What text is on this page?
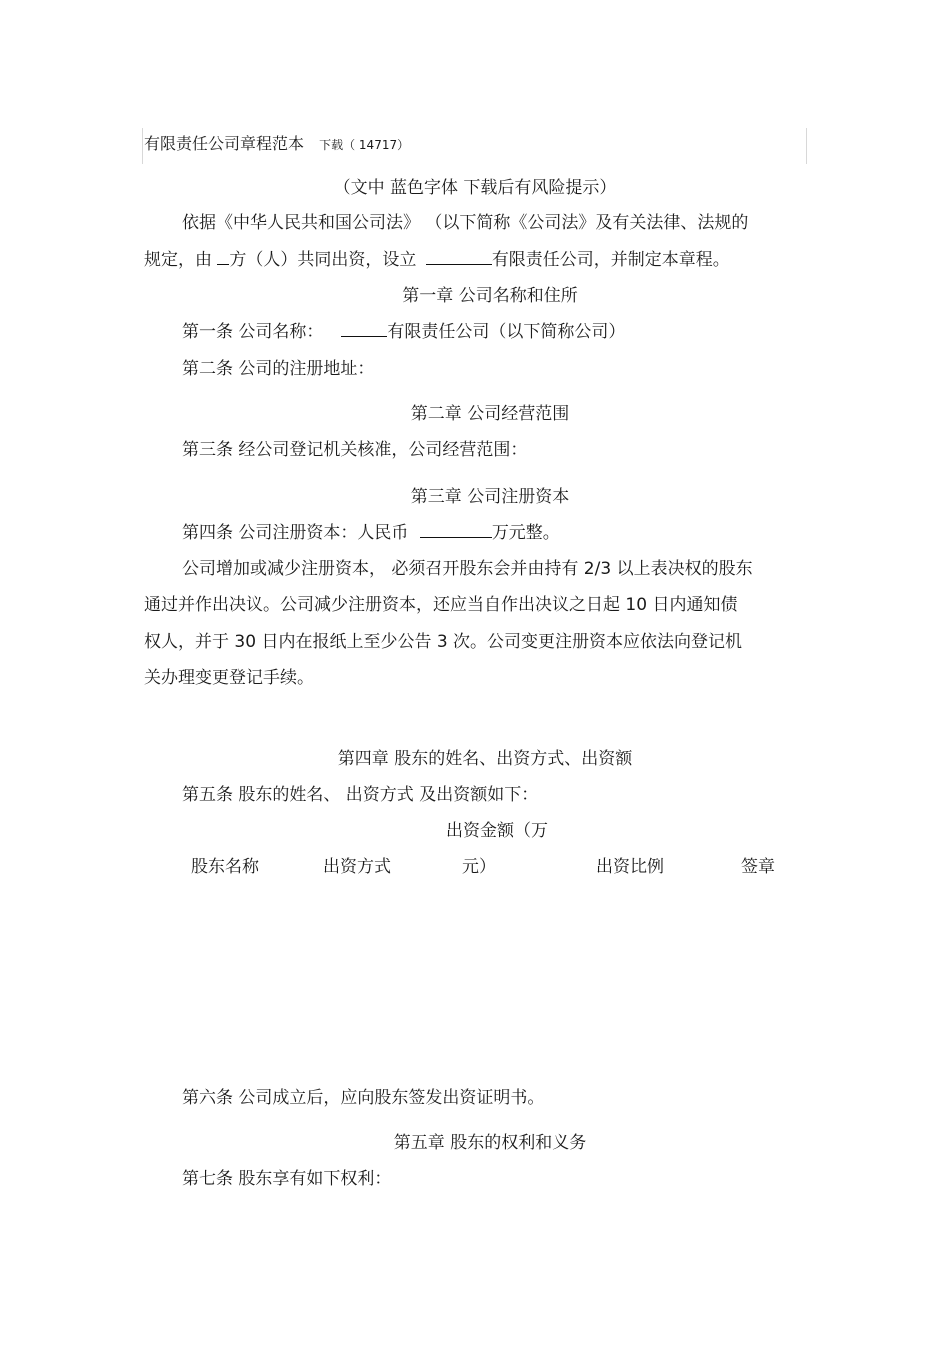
有限责任公司章程范本 下载（ 14717）
（文中 蓝色字体 下载后有风险提示）
依据《中华人民共和国公司法》 （以下简称《公司法》及有关法律、法规的
规定，由 方（人）共同出资，设立	有限责任公司，并制定本章程。
第一章 公司名称和住所
第一条 公司名称：	有限责任公司（以下简称公司）
第二条 公司的注册地址：
第二章 公司经营范围
第三条 经公司登记机关核准，公司经营范围：
第三章 公司注册资本
第四条 公司注册资本：人民币	万元整。
公司增加或减少注册资本， 必须召开股东会并由持有 2/3 以上表决权的股东
通过并作出决议。公司减少注册资本，还应当自作出决议之日起 10 日内通知债
权人，并于 30 日内在报纸上至少公告 3 次。公司变更注册资本应依法向登记机
关办理变更登记手续。
第四章 股东的姓名、出资方式、出资额
第五条 股东的姓名、 出资方式 及出资额如下：
出资金额（万
股东名称	出资方式	元）	出资比例	签章
第六条 公司成立后，应向股东签发出资证明书。
第五章 股东的权利和义务
第七条 股东享有如下权利：
